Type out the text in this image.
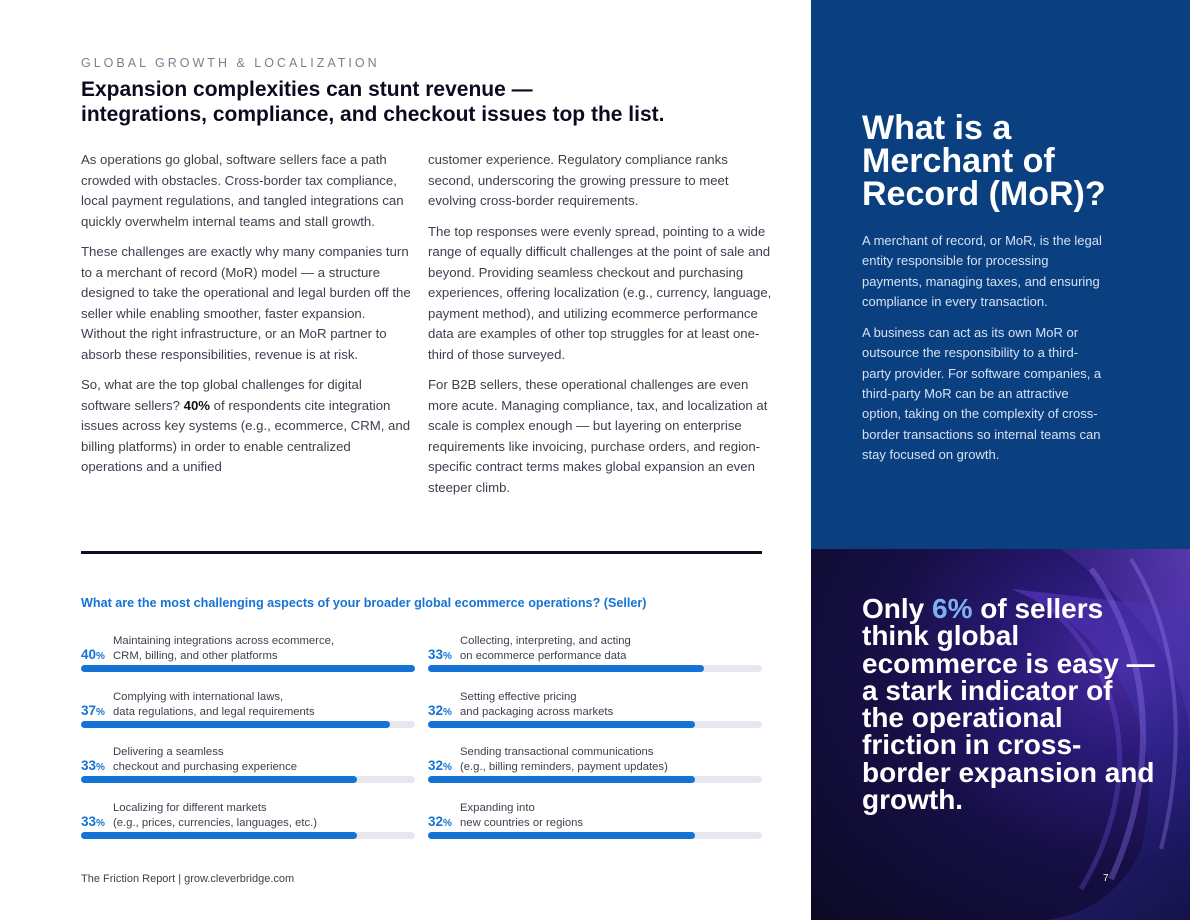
GLOBAL GROWTH & LOCALIZATION
Expansion complexities can stunt revenue —
integrations, compliance, and checkout issues top the list.

As operations go global, software sellers face a path crowded with obstacles. Cross-border tax compliance, local payment regulations, and tangled integrations can quickly overwhelm internal teams and stall growth.

These challenges are exactly why many companies turn to a merchant of record (MoR) model — a structure designed to take the operational and legal burden off the seller while enabling smoother, faster expansion. Without the right infrastructure, or an MoR partner to absorb these responsibilities, revenue is at risk.

So, what are the top global challenges for digital software sellers? 40% of respondents cite integration issues across key systems (e.g., ecommerce, CRM, and billing platforms) in order to enable centralized operations and a unified

customer experience. Regulatory compliance ranks second, underscoring the growing pressure to meet evolving cross-border requirements.

The top responses were evenly spread, pointing to a wide range of equally difficult challenges at the point of sale and beyond. Providing seamless checkout and purchasing experiences, offering localization (e.g., currency, language, payment method), and utilizing ecommerce performance data are examples of other top struggles for at least one-third of those surveyed.

For B2B sellers, these operational challenges are even more acute. Managing compliance, tax, and localization at scale is complex enough — but layering on enterprise requirements like invoicing, purchase orders, and region-specific contract terms makes global expansion an even steeper climb.

What are the most challenging aspects of your broader global ecommerce operations? (Seller)
40%
Maintaining integrations across ecommerce,
CRM, billing, and other platforms	33%
Collecting, interpreting, and acting
on ecommerce performance data
37%
Complying with international laws,
data regulations, and legal requirements	32%
Setting effective pricing
and packaging across markets
33%
Delivering a seamless
checkout and purchasing experience	32%
Sending transactional communications
(e.g., billing reminders, payment updates)
33%
Localizing for different markets
(e.g., prices, currencies, languages, etc.)	32%
Expanding into
new countries or regions
The Friction Report | grow.cleverbridge.com
What is a
Merchant of
Record (MoR)?

A merchant of record, or MoR, is the legal entity responsible for processing payments, managing taxes, and ensuring compliance in every transaction.

A business can act as its own MoR or outsource the responsibility to a third-party provider. For software companies, a third-party MoR can be an attractive option, taking on the complexity of cross-border transactions so internal teams can stay focused on growth.

Only 6% of sellers think global ecommerce is easy — a stark indicator of the operational friction in cross-border expansion and growth.

7
